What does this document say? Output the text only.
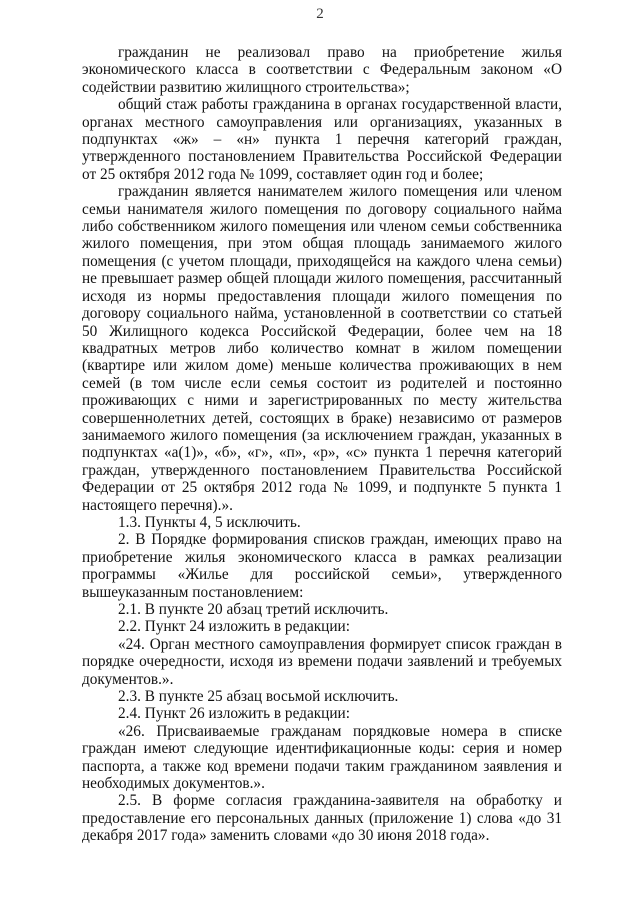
2

гражданин не реализовал право на приобретение жилья экономического класса в соответствии с Федеральным законом «О содействии развитию жилищного строительства»;

общий стаж работы гражданина в органах государственной власти, органах местного самоуправления или организациях, указанных в подпунктах «ж» – «н» пункта 1 перечня категорий граждан, утвержденного постановлением Правительства Российской Федерации от 25 октября 2012 года № 1099, составляет один год и более;

гражданин является нанимателем жилого помещения или членом семьи нанимателя жилого помещения по договору социального найма либо собственником жилого помещения или членом семьи собственника жилого помещения, при этом общая площадь занимаемого жилого помещения (с учетом площади, приходящейся на каждого члена семьи) не превышает размер общей площади жилого помещения, рассчитанный исходя из нормы предоставления площади жилого помещения по договору социального найма, установленной в соответствии со статьей 50 Жилищного кодекса Российской Федерации, более чем на 18 квадратных метров либо количество комнат в жилом помещении (квартире или жилом доме) меньше количества проживающих в нем семей (в том числе если семья состоит из родителей и постоянно проживающих с ними и зарегистрированных по месту жительства совершеннолетних детей, состоящих в браке) независимо от размеров занимаемого жилого помещения (за исключением граждан, указанных в подпунктах «а(1)», «б», «г», «п», «р», «с» пункта 1 перечня категорий граждан, утвержденного постановлением Правительства Российской Федерации от 25 октября 2012 года № 1099, и подпункте 5 пункта 1 настоящего перечня).».

1.3. Пункты 4, 5 исключить.

2. В Порядке формирования списков граждан, имеющих право на приобретение жилья экономического класса в рамках реализации программы «Жилье для российской семьи», утвержденного вышеуказанным постановлением:

2.1. В пункте 20 абзац третий исключить.

2.2. Пункт 24 изложить в редакции:

«24. Орган местного самоуправления формирует список граждан в порядке очередности, исходя из времени подачи заявлений и требуемых документов.».

2.3. В пункте 25 абзац восьмой исключить.

2.4. Пункт 26 изложить в редакции:

«26. Присваиваемые гражданам порядковые номера в списке граждан имеют следующие идентификационные коды: серия и номер паспорта, а также код времени подачи таким гражданином заявления и необходимых документов.».

2.5. В форме согласия гражданина-заявителя на обработку и предоставление его персональных данных (приложение 1) слова «до 31 декабря 2017 года» заменить словами «до 30 июня 2018 года».
